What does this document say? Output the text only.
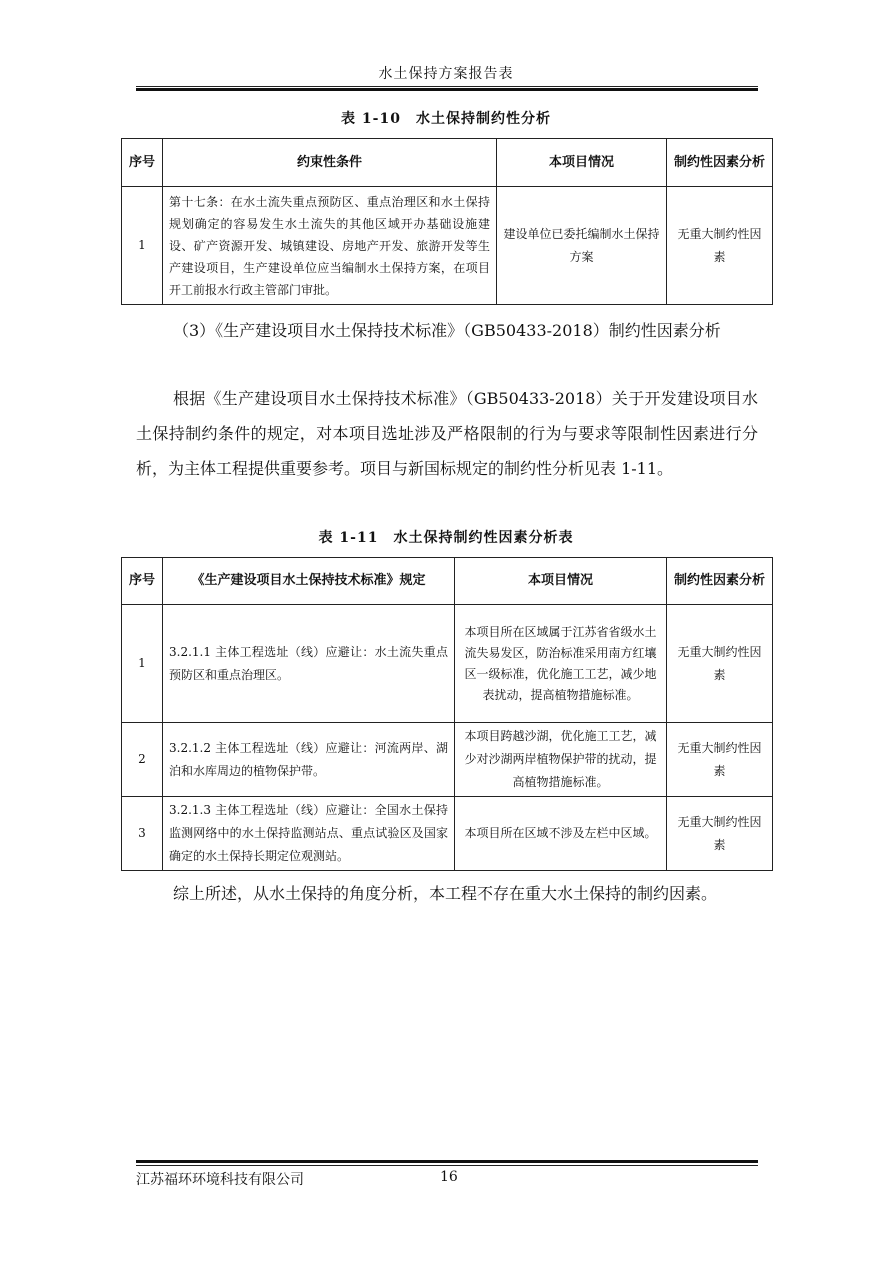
水土保持方案报告表
表 1-10　水土保持制约性分析
序号	约束性条件	本项目情况	制约性因素分析
1	第十七条：在水土流失重点预防区、重点治理区和水土保持规划确定的容易发生水土流失的其他区域开办基础设施建设、矿产资源开发、城镇建设、房地产开发、旅游开发等生产建设项目，生产建设单位应当编制水土保持方案，在项目开工前报水行政主管部门审批。	建设单位已委托编制水土保持方案	无重大制约性因素
（3）《生产建设项目水土保持技术标准》（GB50433-2018）制约性因素分析
根据《生产建设项目水土保持技术标准》（GB50433-2018）关于开发建设项目水土保持制约条件的规定，对本项目选址涉及严格限制的行为与要求等限制性因素进行分析，为主体工程提供重要参考。项目与新国标规定的制约性分析见表 1-11。
表 1-11　水土保持制约性因素分析表
序号	《生产建设项目水土保持技术标准》规定	本项目情况	制约性因素分析
1	3.2.1.1 主体工程选址（线）应避让：水土流失重点预防区和重点治理区。	本项目所在区域属于江苏省省级水土流失易发区，防治标准采用南方红壤区一级标准，优化施工工艺，减少地表扰动，提高植物措施标准。	无重大制约性因素
2	3.2.1.2 主体工程选址（线）应避让：河流两岸、湖泊和水库周边的植物保护带。	本项目跨越沙湖，优化施工工艺，减少对沙湖两岸植物保护带的扰动，提高植物措施标准。	无重大制约性因素
3	3.2.1.3 主体工程选址（线）应避让：全国水土保持监测网络中的水土保持监测站点、重点试验区及国家确定的水土保持长期定位观测站。	本项目所在区域不涉及左栏中区域。	无重大制约性因素
综上所述，从水土保持的角度分析，本工程不存在重大水土保持的制约因素。
江苏福环环境科技有限公司	16
